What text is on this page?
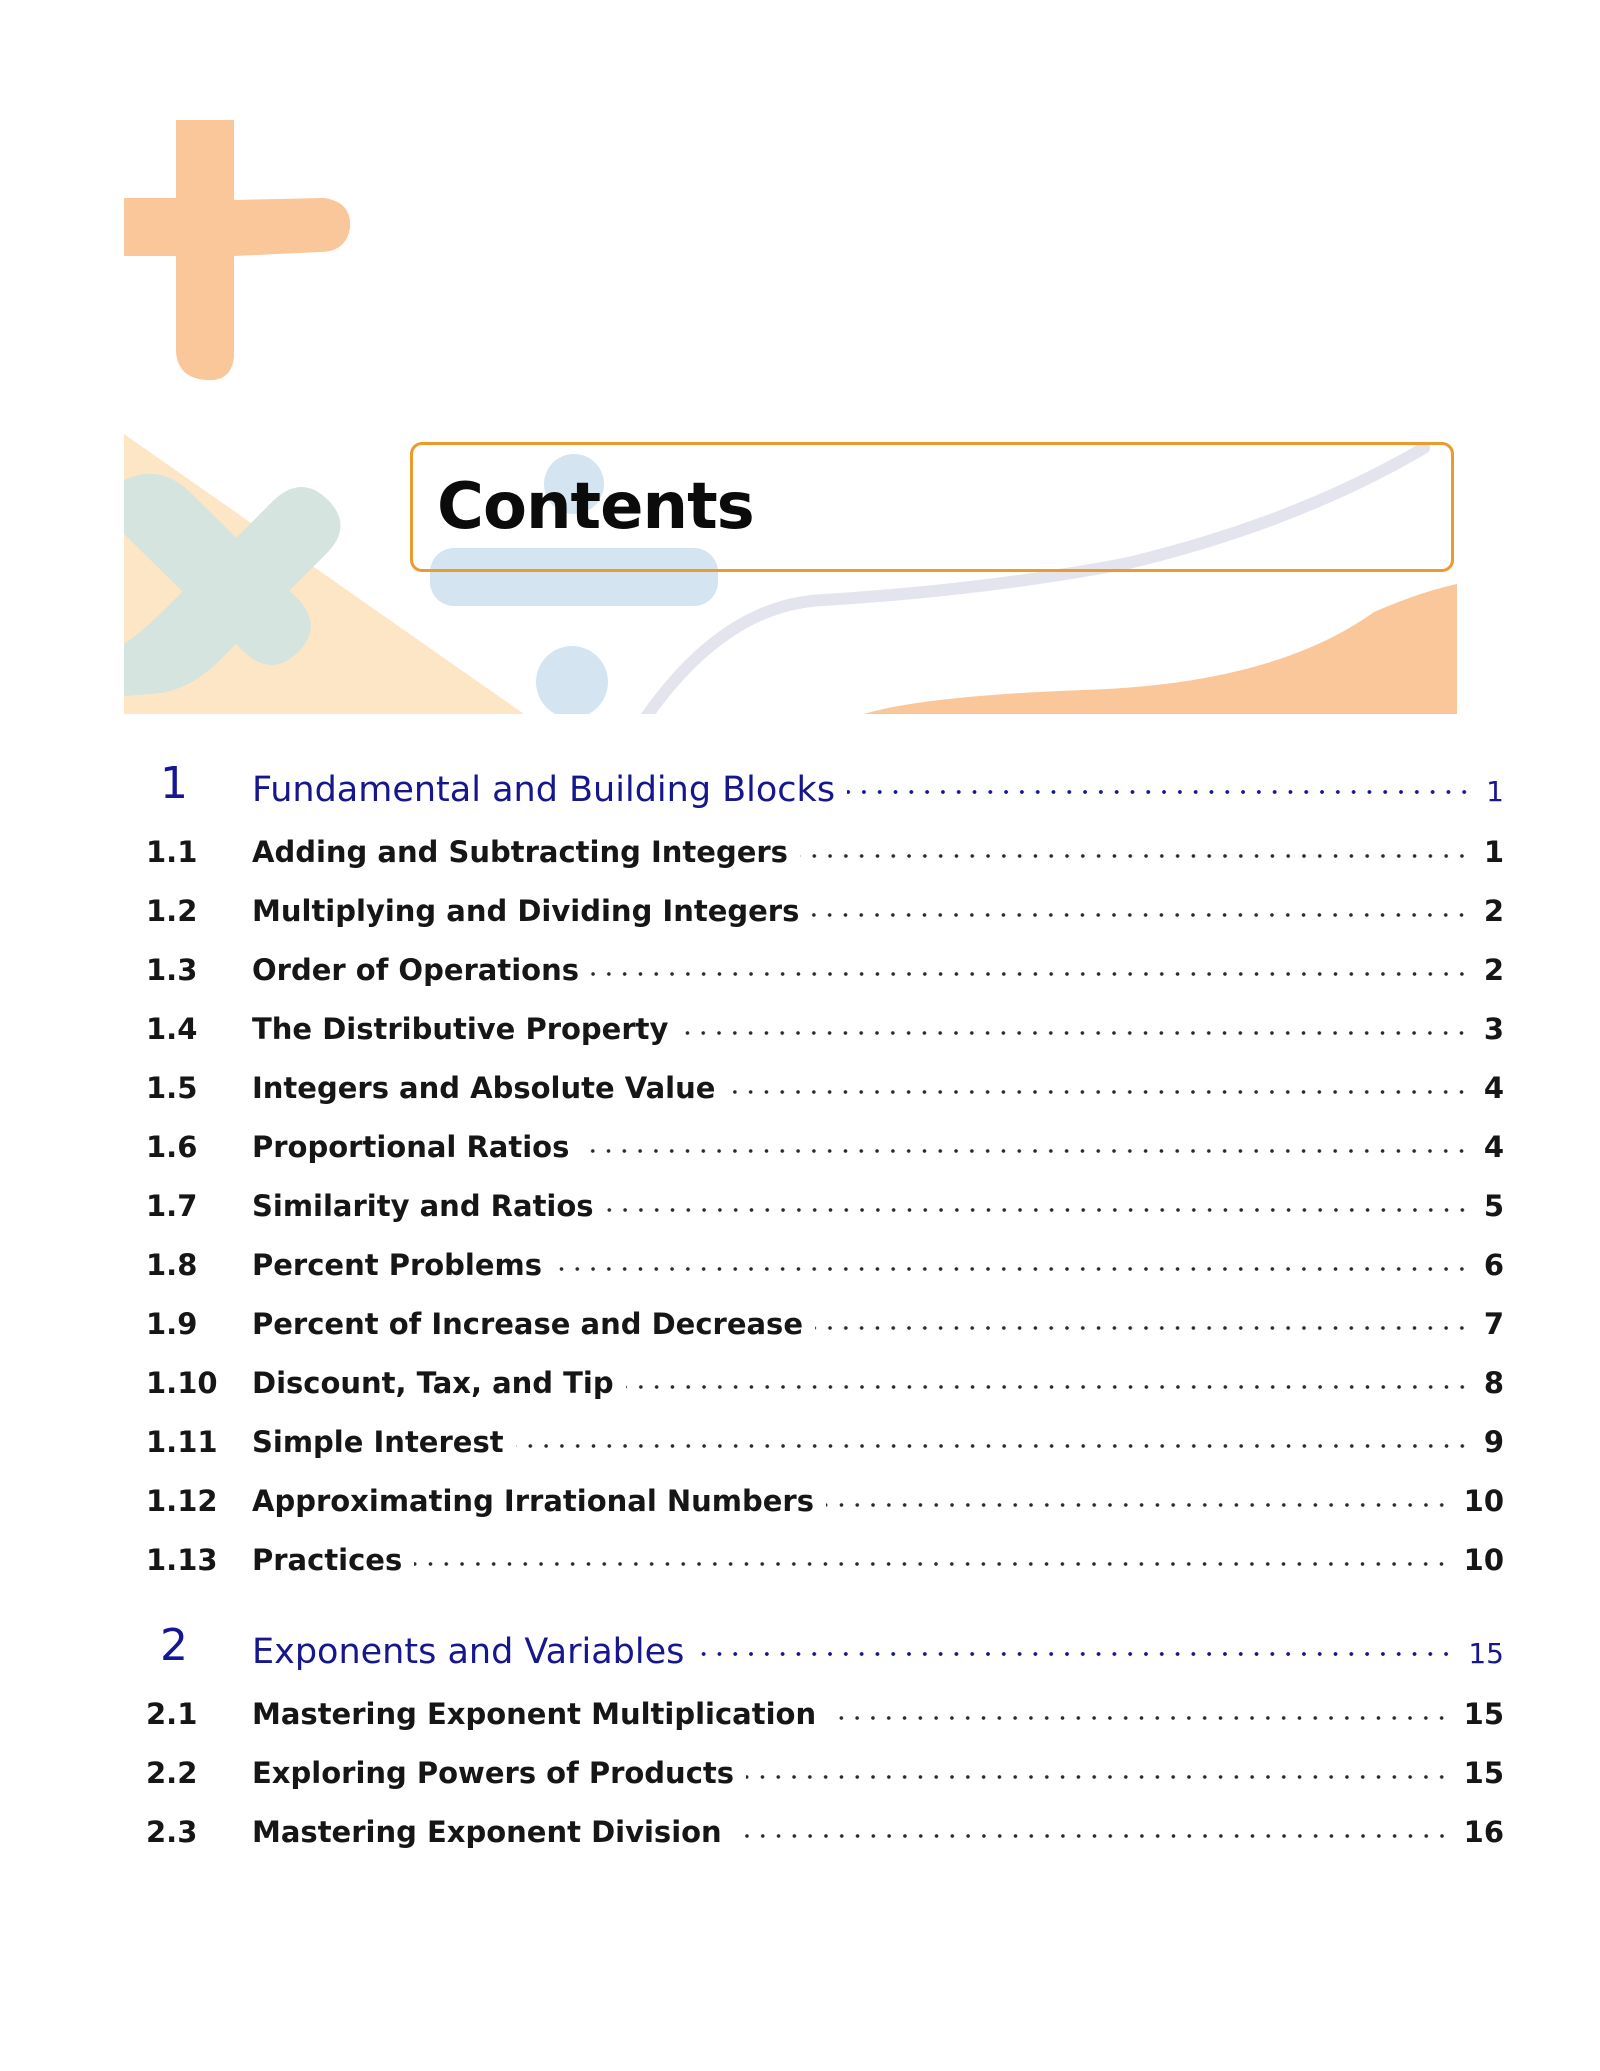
Contents
1 Fundamental and Building Blocks	1
1.1 Adding and Subtracting Integers	1
1.2 Multiplying and Dividing Integers	2
1.3 Order of Operations	2
1.4 The Distributive Property	3
1.5 Integers and Absolute Value	4
1.6 Proportional Ratios	4
1.7 Similarity and Ratios	5
1.8 Percent Problems	6
1.9 Percent of Increase and Decrease	7
1.10 Discount, Tax, and Tip	8
1.11 Simple Interest	9
1.12 Approximating Irrational Numbers	10
1.13 Practices	10
2 Exponents and Variables	15
2.1 Mastering Exponent Multiplication	15
2.2 Exploring Powers of Products	15
2.3 Mastering Exponent Division	16
